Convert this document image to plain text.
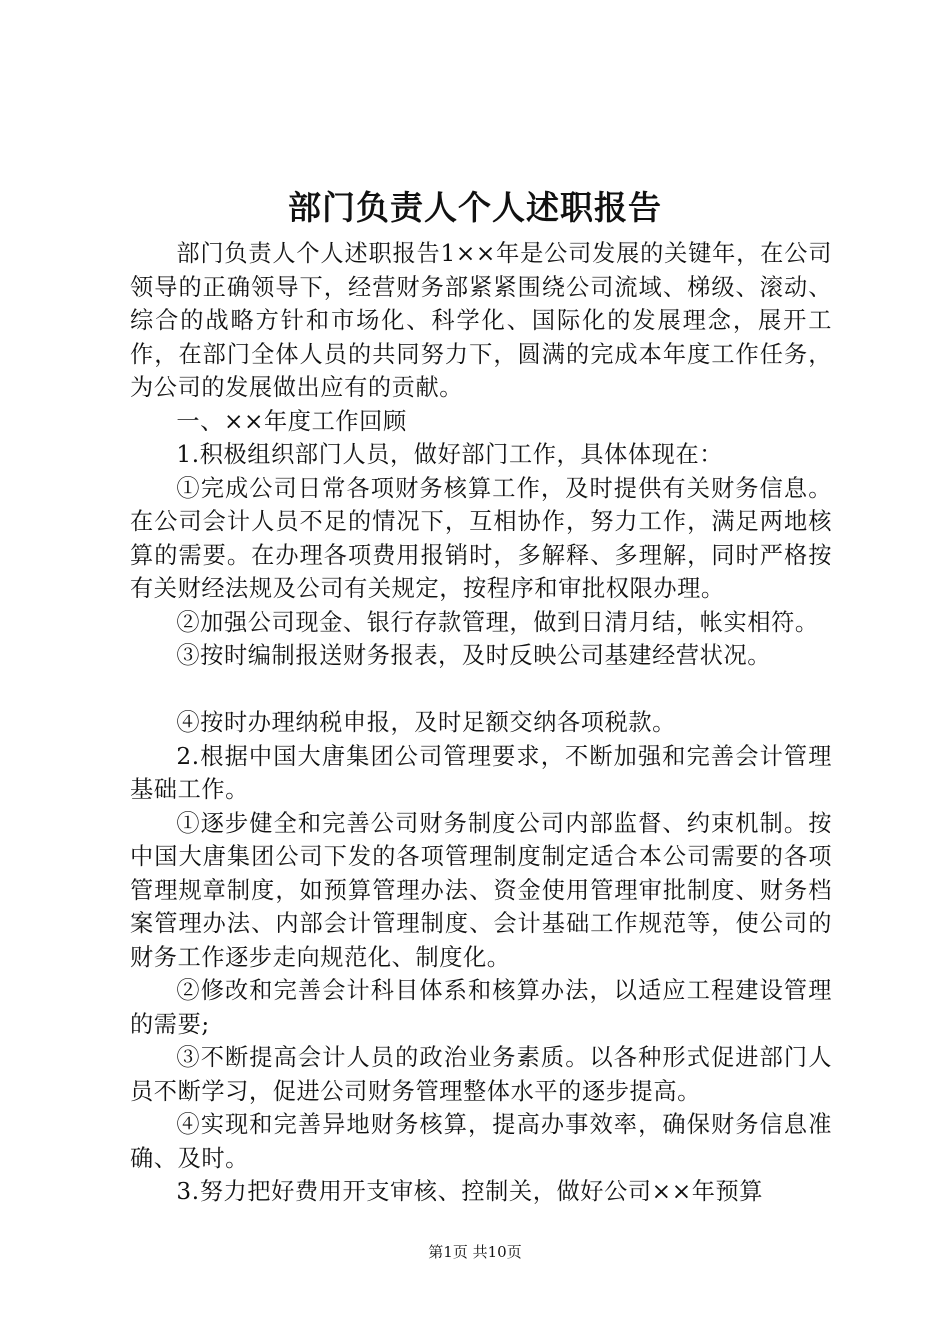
部门负责人个人述职报告

部门负责人个人述职报告1××年是公司发展的关键年，在公司领导的正确领导下，经营财务部紧紧围绕公司流域、梯级、滚动、综合的战略方针和市场化、科学化、国际化的发展理念，展开工作，在部门全体人员的共同努力下，圆满的完成本年度工作任务，为公司的发展做出应有的贡献。

一、××年度工作回顾

1.积极组织部门人员，做好部门工作，具体体现在：

①完成公司日常各项财务核算工作，及时提供有关财务信息。在公司会计人员不足的情况下，互相协作，努力工作，满足两地核算的需要。在办理各项费用报销时，多解释、多理解，同时严格按有关财经法规及公司有关规定，按程序和审批权限办理。

②加强公司现金、银行存款管理，做到日清月结，帐实相符。

③按时编制报送财务报表，及时反映公司基建经营状况。

④按时办理纳税申报，及时足额交纳各项税款。

2.根据中国大唐集团公司管理要求，不断加强和完善会计管理基础工作。

①逐步健全和完善公司财务制度公司内部监督、约束机制。按中国大唐集团公司下发的各项管理制度制定适合本公司需要的各项管理规章制度，如预算管理办法、资金使用管理审批制度、财务档案管理办法、内部会计管理制度、会计基础工作规范等，使公司的财务工作逐步走向规范化、制度化。

②修改和完善会计科目体系和核算办法，以适应工程建设管理的需要;

③不断提高会计人员的政治业务素质。以各种形式促进部门人员不断学习，促进公司财务管理整体水平的逐步提高。

④实现和完善异地财务核算，提高办事效率，确保财务信息准确、及时。

3.努力把好费用开支审核、控制关，做好公司××年预算

第1页 共10页
